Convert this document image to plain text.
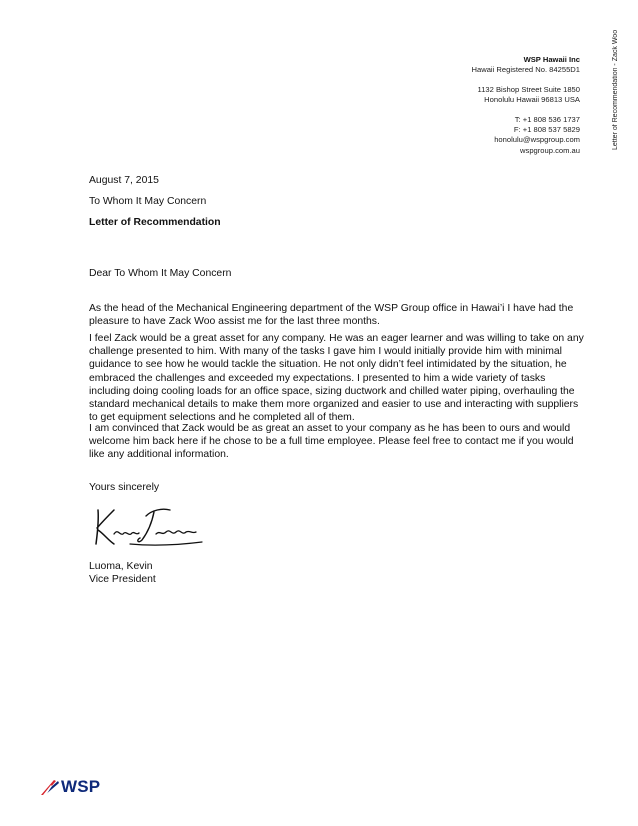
Letter of Recommendation - Zack Woo
WSP Hawaii Inc
Hawaii Registered No. 84255D1
1132 Bishop Street Suite 1850
Honolulu Hawaii 96813 USA
T: +1 808 536 1737
F: +1 808 537 5829
honolulu@wspgroup.com
wspgroup.com.au
August 7, 2015
To Whom It May Concern
Letter of Recommendation
Dear To Whom It May Concern
As the head of the Mechanical Engineering department of the WSP Group office in Hawai’i I have had the pleasure to have Zack Woo assist me for the last three months.
I feel Zack would be a great asset for any company. He was an eager learner and was willing to take on any challenge presented to him. With many of the tasks I gave him I would initially provide him with minimal guidance to see how he would tackle the situation. He not only didn’t feel intimidated by the situation, he embraced the challenges and exceeded my expectations. I presented to him a wide variety of tasks including doing cooling loads for an office space, sizing ductwork and chilled water piping, overhauling the standard mechanical details to make them more organized and easier to use and interacting with suppliers to get equipment selections and he completed all of them.
I am convinced that Zack would be as great an asset to your company as he has been to ours and would welcome him back here if he chose to be a full time employee. Please feel free to contact me if you would like any additional information.
Yours sincerely
Luoma, Kevin
Vice President
WSP
